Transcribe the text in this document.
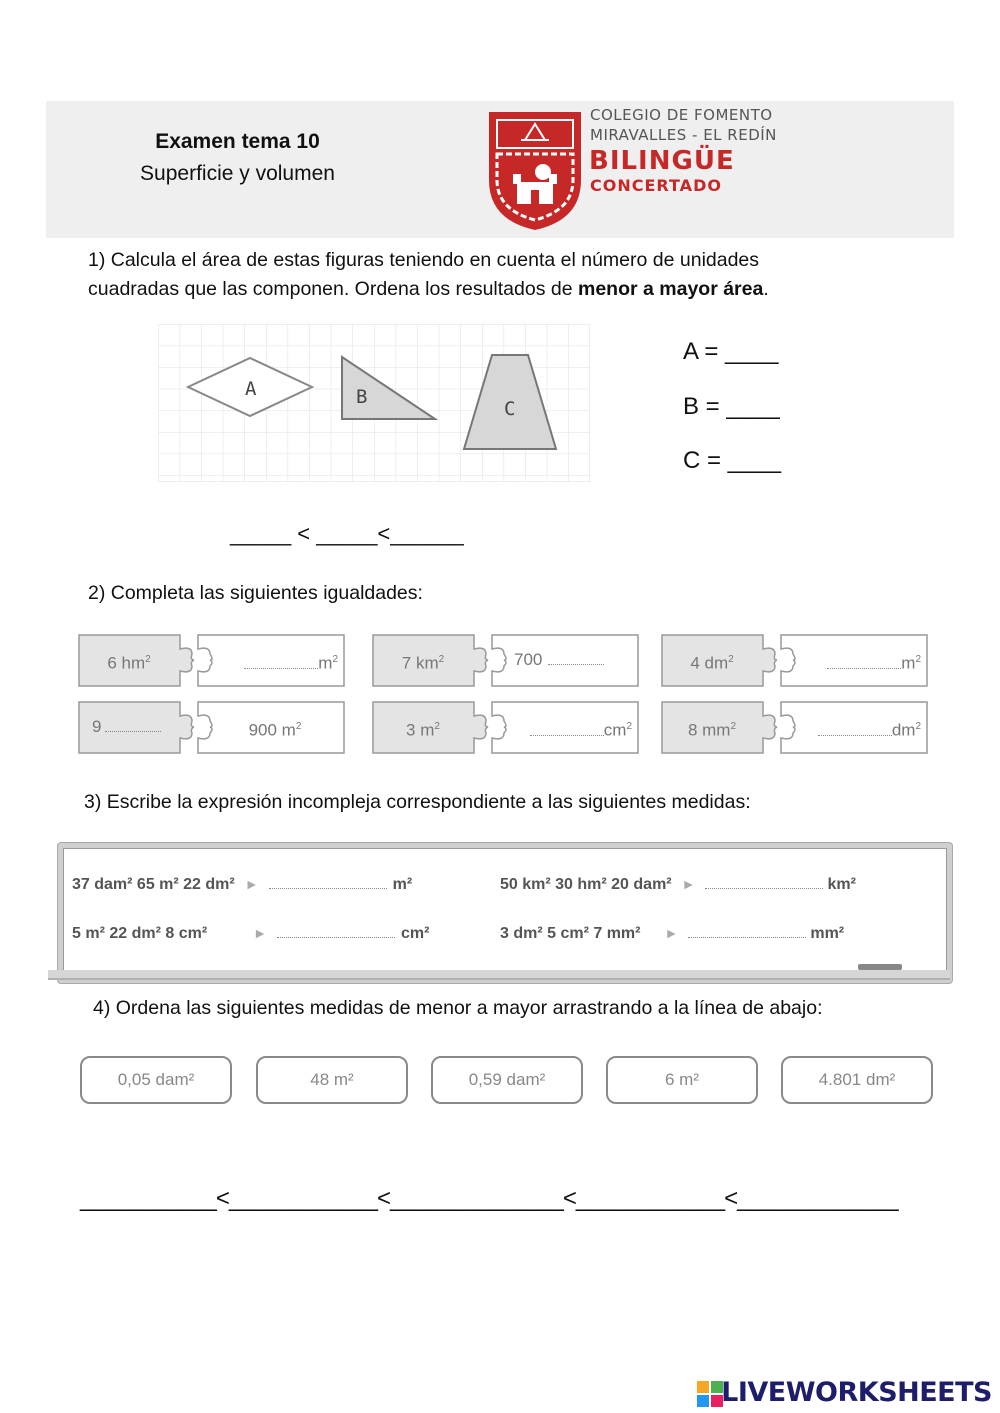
Examen tema 10
Superficie y volumen
COLEGIO DE FOMENTO
MIRAVALLES - EL REDÍN
BILINGÜE
CONCERTADO
1) Calcula el área de estas figuras teniendo en cuenta el número de unidades
cuadradas que las componen. Ordena los resultados de menor a mayor área.
A	B
C
A = ____
B = ____
C = ____
_____ < _____<______
2) Completa las siguientes igualdades:
6 $hm^2$	$m^2$	7 $km^2$	700	4 $dm^2$	$m^2$
9	900 $m^2$	3 $m^2$	$cm^2$	8 $mm^2$	$dm^2$
3) Escribe la expresión incompleja correspondiente a las siguientes medidas:
37 dam² 65 m² 22 dm² ►	m²	50 km² 30 hm² 20 dam² ►	km²
5 m² 22 dm² 8 cm²	►	cm²	3 dm² 5 cm² 7 mm² ►	mm²
4) Ordena las siguientes medidas de menor a mayor arrastrando a la línea de abajo:
0,05 dam²	48 m²	0,59 dam²	6 m²	4.801 dm²
___________<____________<______________<____________<_____________
LIVEWORKSHEETS
